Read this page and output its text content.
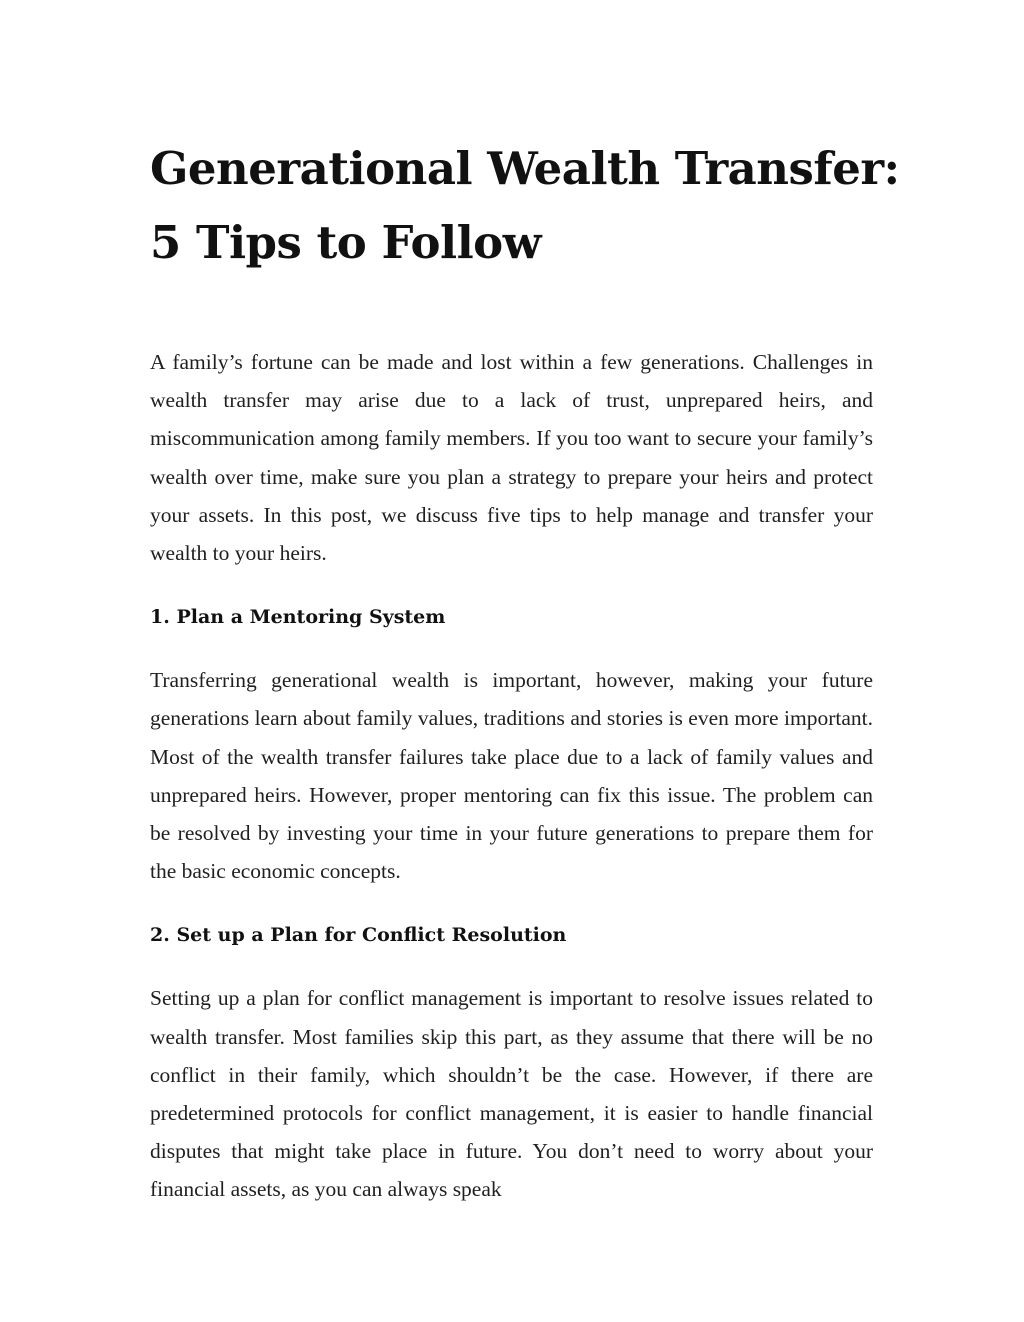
Generational Wealth Transfer:
5 Tips to Follow

A family’s fortune can be made and lost within a few generations. Challenges in wealth transfer may arise due to a lack of trust, unprepared heirs, and miscommunication among family members. If you too want to secure your family’s wealth over time, make sure you plan a strategy to prepare your heirs and protect your assets. In this post, we discuss five tips to help manage and transfer your wealth to your heirs.

1. Plan a Mentoring System

Transferring generational wealth is important, however, making your future generations learn about family values, traditions and stories is even more important. Most of the wealth transfer failures take place due to a lack of family values and unprepared heirs. However, proper mentoring can fix this issue. The problem can be resolved by investing your time in your future generations to prepare them for the basic economic concepts.

2. Set up a Plan for Conflict Resolution

Setting up a plan for conflict management is important to resolve issues related to wealth transfer. Most families skip this part, as they assume that there will be no conflict in their family, which shouldn’t be the case. However, if there are predetermined protocols for conflict management, it is easier to handle financial disputes that might take place in future. You don’t need to worry about your financial assets, as you can always speak
